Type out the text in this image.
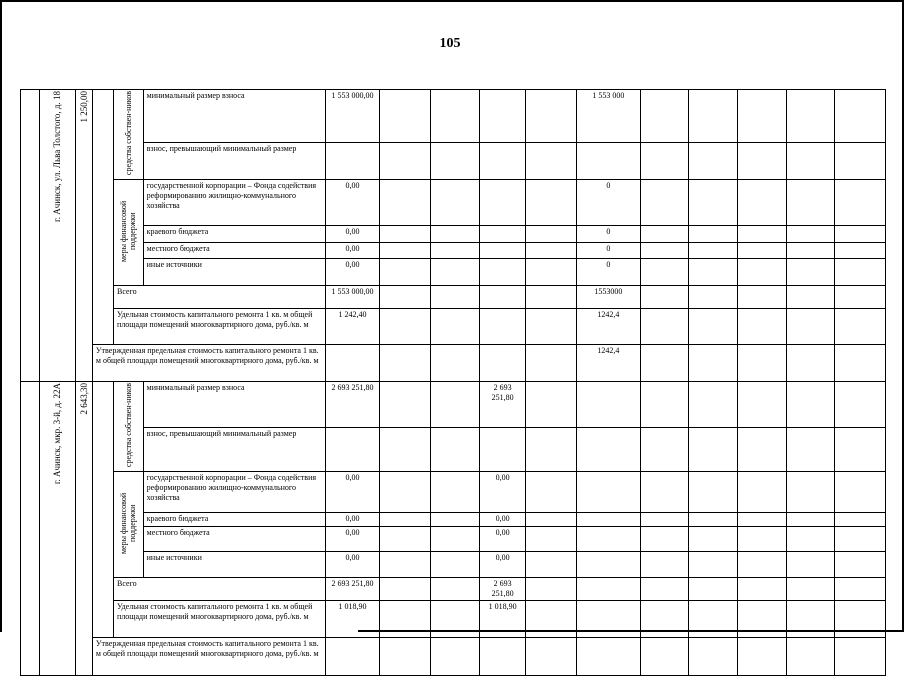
105
	г. Ачинск, ул. Льва Толстого, д. 18	1 250,00		средства собствен-ников	минимальный размер взноса	1 553 000,00					1 553 000					
					взнос, превышающий минимальный размер											
				меры финансовой поддержки	государственной корпорации – Фонда содействия реформированию жилищно-коммунального хозяйства	0,00					0					
					краевого бюджета	0,00					0					
					местного бюджета	0,00					0					
					иные источники	0,00					0					
				Всего		1 553 000,00					1553000					
				Удельная стоимость капитального ремонта 1 кв. м общей площади помещений многоквартирного дома, руб./кв. м		1 242,40					1242,4					
			Утвержденная предельная стоимость капитального ремонта 1 кв. м общей площади помещений многоквартирного дома, руб./кв. м								1242,4					
	г. Ачинск, мкр. 3-й, д. 22А	2 643,30		средства собствен-ников	минимальный размер взноса	2 693 251,80			2 693 251,80							
					взнос, превышающий минимальный размер											
				меры финансовой поддержки	государственной корпорации – Фонда содействия реформированию жилищно-коммунального хозяйства	0,00			0,00							
					краевого бюджета	0,00			0,00							
					местного бюджета	0,00			0,00							
					иные источники	0,00			0,00							
				Всего		2 693 251,80			2 693 251,80							
				Удельная стоимость капитального ремонта 1 кв. м общей площади помещений многоквартирного дома, руб./кв. м		1 018,90			1 018,90							
			Утвержденная предельная стоимость капитального ремонта 1 кв. м общей площади помещений многоквартирного дома, руб./кв. м													
